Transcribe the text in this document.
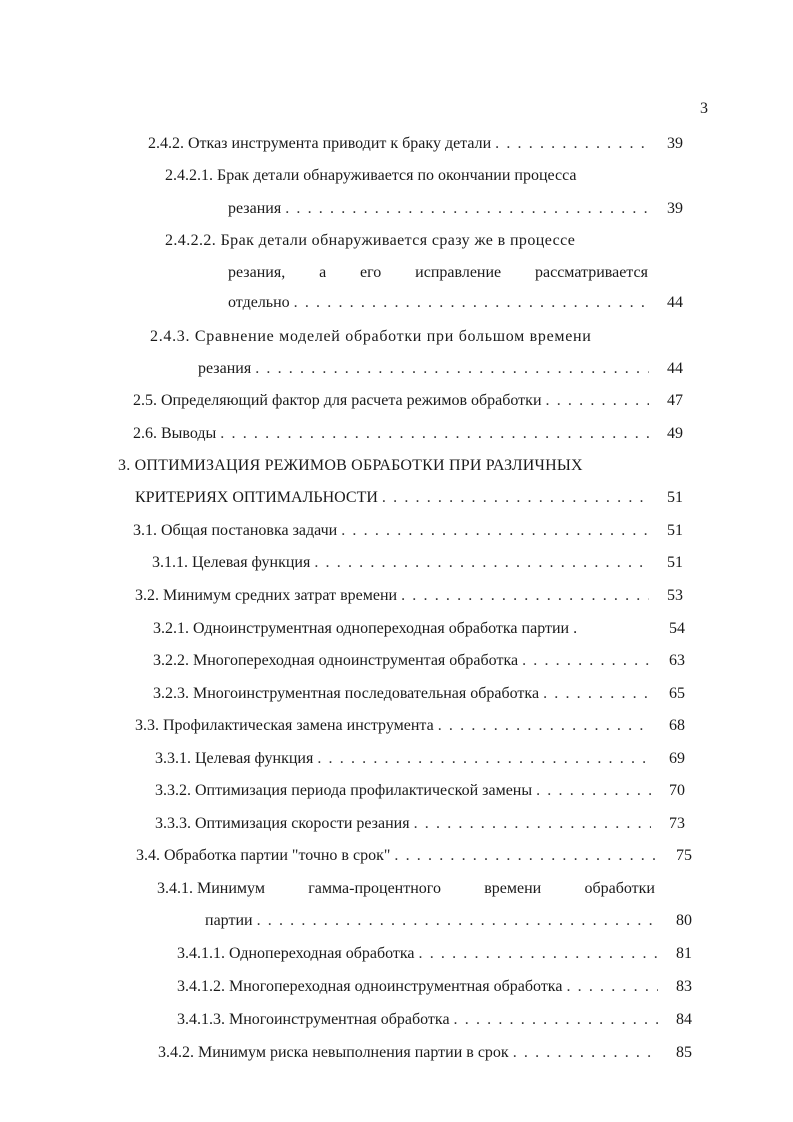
3
2.4.2. Отказ инструмента приводит к браку детали . . .	39
2.4.2.1. Брак детали обнаруживается по окончании процесса
резания . . .	39
2.4.2.2. Брак детали обнаруживается сразу же в процессе
резания, а его исправление рассматривается
отдельно . . .	44
2.4.3. Сравнение моделей обработки при большом времени
резания . . .	44
2.5. Определяющий фактор для расчета режимов обработки . . .	47
2.6. Выводы . . .	49
3. ОПТИМИЗАЦИЯ РЕЖИМОВ ОБРАБОТКИ ПРИ РАЗЛИЧНЫХ
КРИТЕРИЯХ ОПТИМАЛЬНОСТИ . . .	51
3.1. Общая постановка задачи . . .	51
3.1.1. Целевая функция . . .	51
3.2. Минимум средних затрат времени . . .	53
3.2.1. Одноинструментная однопереходная обработка партии .	54
3.2.2. Многопереходная одноинструментая обработка . . .	63
3.2.3. Многоинструментная последовательная обработка . . .	65
3.3. Профилактическая замена инструмента . . .	68
3.3.1. Целевая функция . . .	69
3.3.2. Оптимизация периода профилактической замены . . .	70
3.3.3. Оптимизация скорости резания . . .	73
3.4. Обработка партии "точно в срок" . . .	75
3.4.1. Минимум	гамма-процентного	времени	обработки
партии . . .	80
3.4.1.1. Однопереходная обработка . . .	81
3.4.1.2. Многопереходная одноинструментная обработка . . .	83
3.4.1.3. Многоинструментная обработка . . .	84
3.4.2. Минимум риска невыполнения партии в срок . . .	85
